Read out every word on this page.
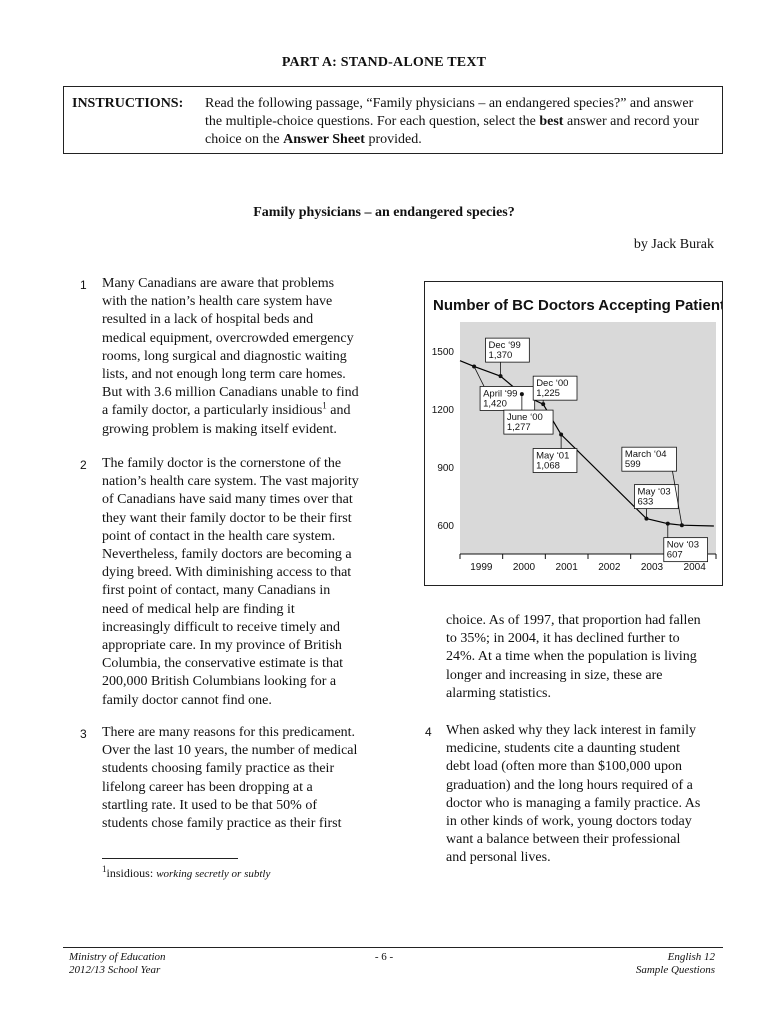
PART A: STAND-ALONE TEXT
INSTRUCTIONS: Read the following passage, “Family physicians – an endangered species?” and answer the multiple-choice questions. For each question, select the best answer and record your choice on the Answer Sheet provided.
Family physicians – an endangered species?
by Jack Burak
1 Many Canadians are aware that problems
with the nation’s health care system have
resulted in a lack of hospital beds and
medical equipment, overcrowded emergency
rooms, long surgical and diagnostic waiting
lists, and not enough long term care homes.
But with 3.6 million Canadians unable to find
a family doctor, a particularly insidious$^1$ and
growing problem is making itself evident.
2 The family doctor is the cornerstone of the
nation’s health care system. The vast majority
of Canadians have said many times over that
they want their family doctor to be their first
point of contact in the health care system.
Nevertheless, family doctors are becoming a
dying breed. With diminishing access to that
first point of contact, many Canadians in
need of medical help are finding it
increasingly difficult to receive timely and
appropriate care. In my province of British
Columbia, the conservative estimate is that
200,000 British Columbians looking for a
family doctor cannot find one.
3 There are many reasons for this predicament.
Over the last 10 years, the number of medical
students choosing family practice as their
lifelong career has been dropping at a
startling rate. It used to be that 50% of
students chose family practice as their first
choice. As of 1997, that proportion had fallen
to 35%; in 2004, it has declined further to
24%. At a time when the population is living
longer and increasing in size, these are
alarming statistics.
4 When asked why they lack interest in family
medicine, students cite a daunting student
debt load (often more than $100,000 upon
graduation) and the long hours required of a
doctor who is managing a family practice. As
in other kinds of work, young doctors today
want a balance between their professional
and personal lives.
Number of BC Doctors Accepting Patients
600
900
1200
1500
1999 2000 2001 2002 2003 2004
April ‘99
1,420
Dec ‘99
1,370
June ‘00
1,277
Dec ‘00
1,225
May ‘01
1,068
May ‘03
633
Nov ‘03
607
March ‘04
599
$^1$insidious: working secretly or subtly
Ministry of Education
2012/13 School Year
- 6 -	English 12
Sample Questions
